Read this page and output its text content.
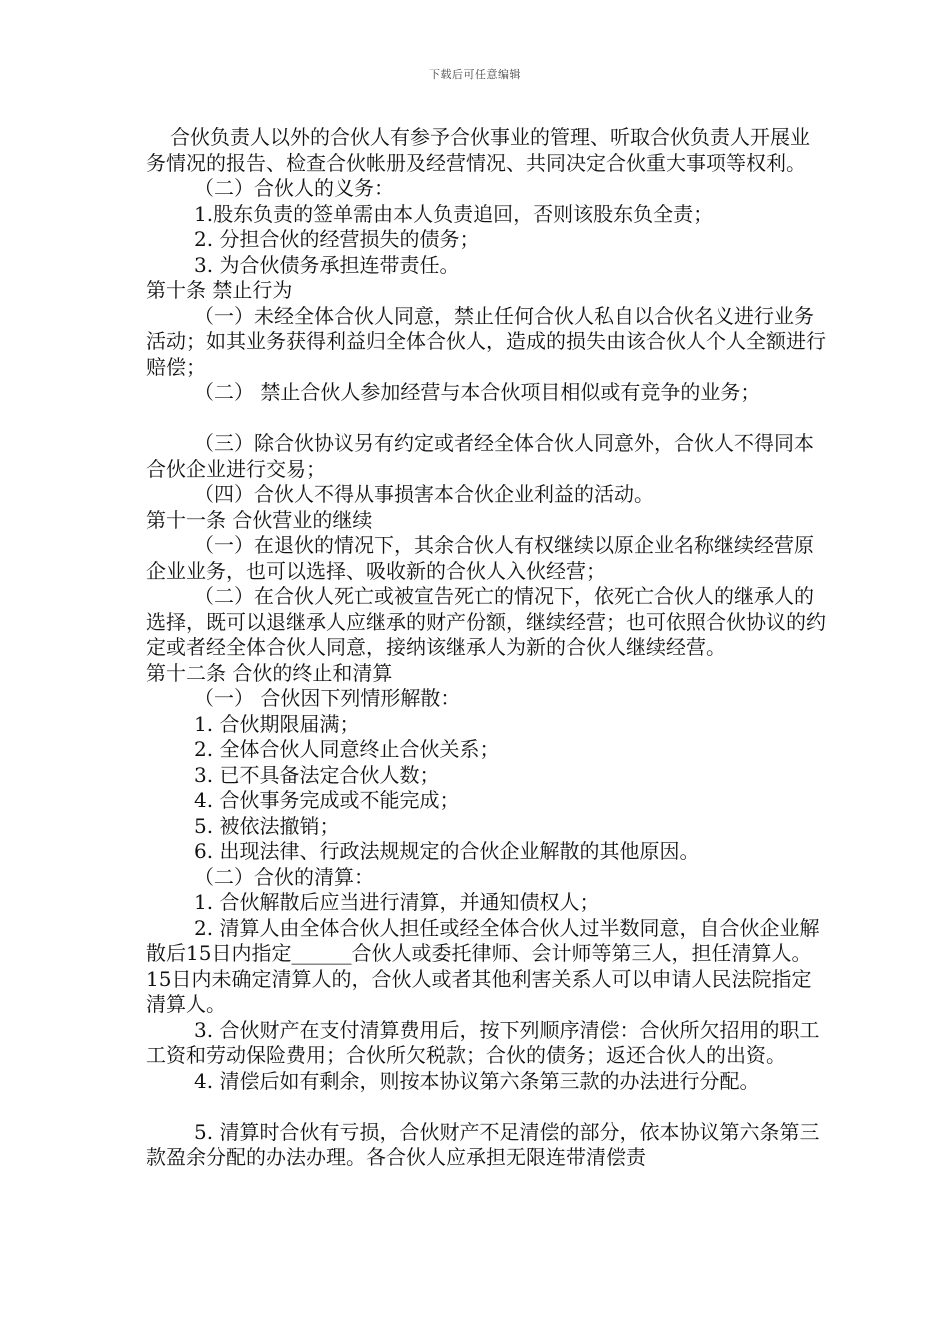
下载后可任意编辑

合伙负责人以外的合伙人有参予合伙事业的管理、听取合伙负责人开展业务情况的报告、检查合伙帐册及经营情况、共同决定合伙重大事项等权利。

（二）合伙人的义务：

1.股东负责的签单需由本人负责追回，否则该股东负全责；

2. 分担合伙的经营损失的债务；

3. 为合伙债务承担连带责任。

第十条 禁止行为

（一）未经全体合伙人同意，禁止任何合伙人私自以合伙名义进行业务活动；如其业务获得利益归全体合伙人，造成的损失由该合伙人个人全额进行赔偿；

（二） 禁止合伙人参加经营与本合伙项目相似或有竞争的业务；

（三）除合伙协议另有约定或者经全体合伙人同意外，合伙人不得同本合伙企业进行交易；

（四）合伙人不得从事损害本合伙企业利益的活动。

第十一条 合伙营业的继续

（一）在退伙的情况下，其余合伙人有权继续以原企业名称继续经营原企业业务，也可以选择、吸收新的合伙人入伙经营；

（二）在合伙人死亡或被宣告死亡的情况下，依死亡合伙人的继承人的选择，既可以退继承人应继承的财产份额，继续经营；也可依照合伙协议的约定或者经全体合伙人同意，接纳该继承人为新的合伙人继续经营。

第十二条 合伙的终止和清算

（一） 合伙因下列情形解散：

1. 合伙期限届满；

2. 全体合伙人同意终止合伙关系；

3. 已不具备法定合伙人数；

4. 合伙事务完成或不能完成；

5. 被依法撤销；

6. 出现法律、行政法规规定的合伙企业解散的其他原因。

（二）合伙的清算：

1. 合伙解散后应当进行清算，并通知债权人；

2. 清算人由全体合伙人担任或经全体合伙人过半数同意，自合伙企业解散后15日内指定______合伙人或委托律师、会计师等第三人，担任清算人。15日内未确定清算人的，合伙人或者其他利害关系人可以申请人民法院指定清算人。

3. 合伙财产在支付清算费用后，按下列顺序清偿：合伙所欠招用的职工工资和劳动保险费用；合伙所欠税款；合伙的债务；返还合伙人的出资。

4. 清偿后如有剩余，则按本协议第六条第三款的办法进行分配。

5. 清算时合伙有亏损，合伙财产不足清偿的部分，依本协议第六条第三款盈余分配的办法办理。各合伙人应承担无限连带清偿责
